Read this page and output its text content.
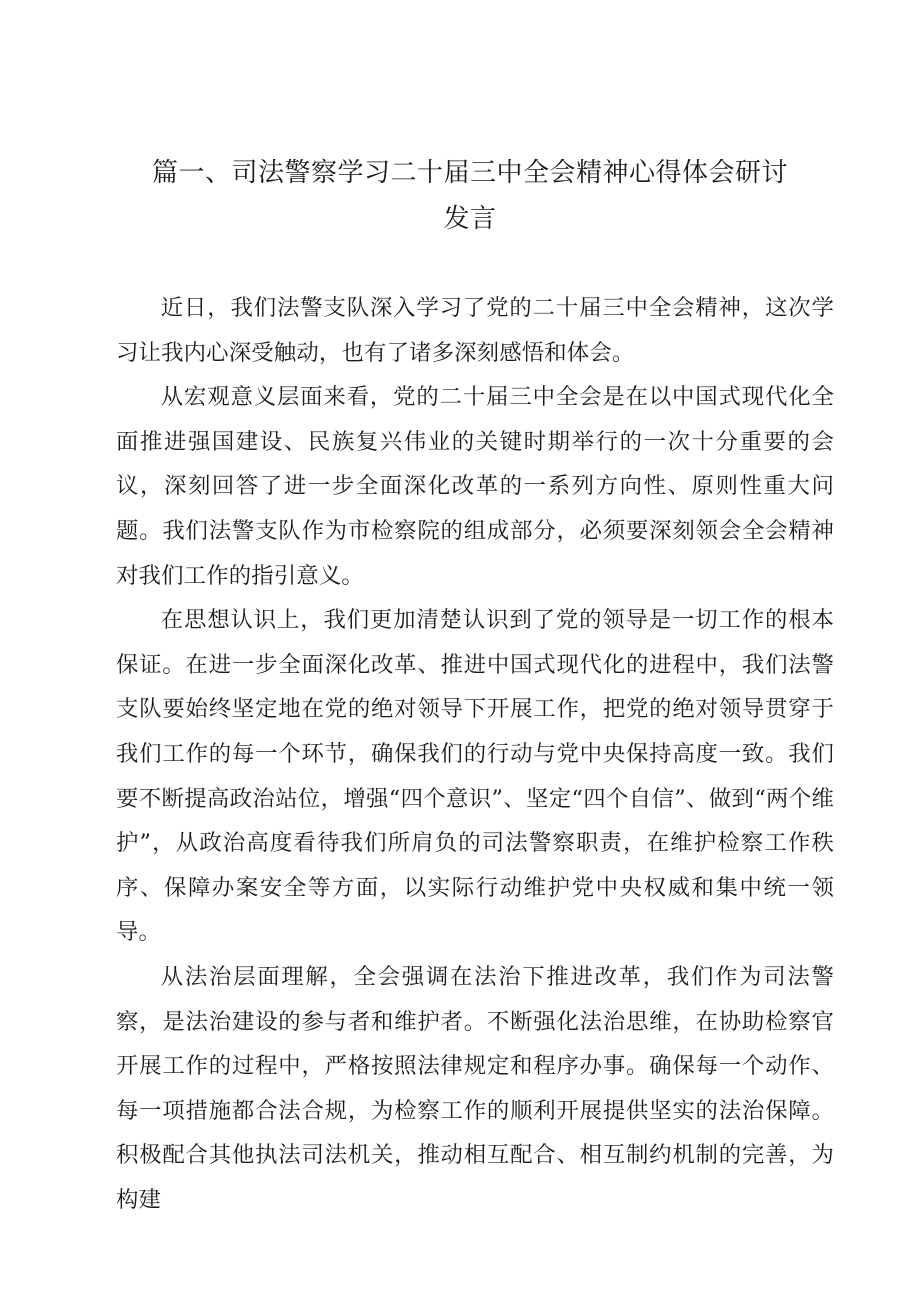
篇一、司法警察学习二十届三中全会精神心得体会研讨发言

近日，我们法警支队深入学习了党的二十届三中全会精神，这次学习让我内心深受触动，也有了诸多深刻感悟和体会。

从宏观意义层面来看，党的二十届三中全会是在以中国式现代化全面推进强国建设、民族复兴伟业的关键时期举行的一次十分重要的会议，深刻回答了进一步全面深化改革的一系列方向性、原则性重大问题。我们法警支队作为市检察院的组成部分，必须要深刻领会全会精神对我们工作的指引意义。

在思想认识上，我们更加清楚认识到了党的领导是一切工作的根本保证。在进一步全面深化改革、推进中国式现代化的进程中，我们法警支队要始终坚定地在党的绝对领导下开展工作，把党的绝对领导贯穿于我们工作的每一个环节，确保我们的行动与党中央保持高度一致。我们要不断提高政治站位，增强“四个意识”、坚定“四个自信”、做到“两个维护”，从政治高度看待我们所肩负的司法警察职责，在维护检察工作秩序、保障办案安全等方面，以实际行动维护党中央权威和集中统一领导。

从法治层面理解，全会强调在法治下推进改革，我们作为司法警察，是法治建设的参与者和维护者。不断强化法治思维，在协助检察官开展工作的过程中，严格按照法律规定和程序办事。确保每一个动作、每一项措施都合法合规，为检察工作的顺利开展提供坚实的法治保障。积极配合其他执法司法机关，推动相互配合、相互制约机制的完善，为构建
